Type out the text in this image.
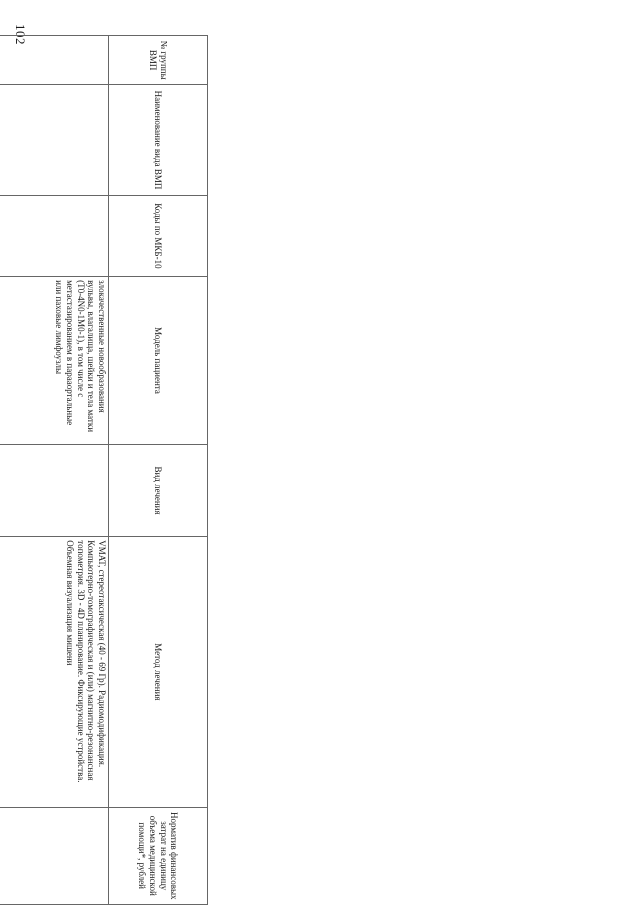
102
№ группы ВМП	Наименование вида ВМП	Коды по МКБ-10	Модель пациента	Вид лечения	Метод лечения	Норматив финансовых затрат на единицу объема медицинской помощи*, рублей
			злокачественные новообразования вульвы, влагалища, шейки и тела матки (T0-4N0-1M0-1), в том числе с метастазированием в парааортальные или паховые лимфоузлы		VMAT, стереотаксическая (40 - 69 Гр). Радиомодификация. Компьютерно-томографическая и (или) магнитно-резонансная топометрия. 3D - 4D планирование. Фиксирующие устройства. Объемная визуализация мишени	
